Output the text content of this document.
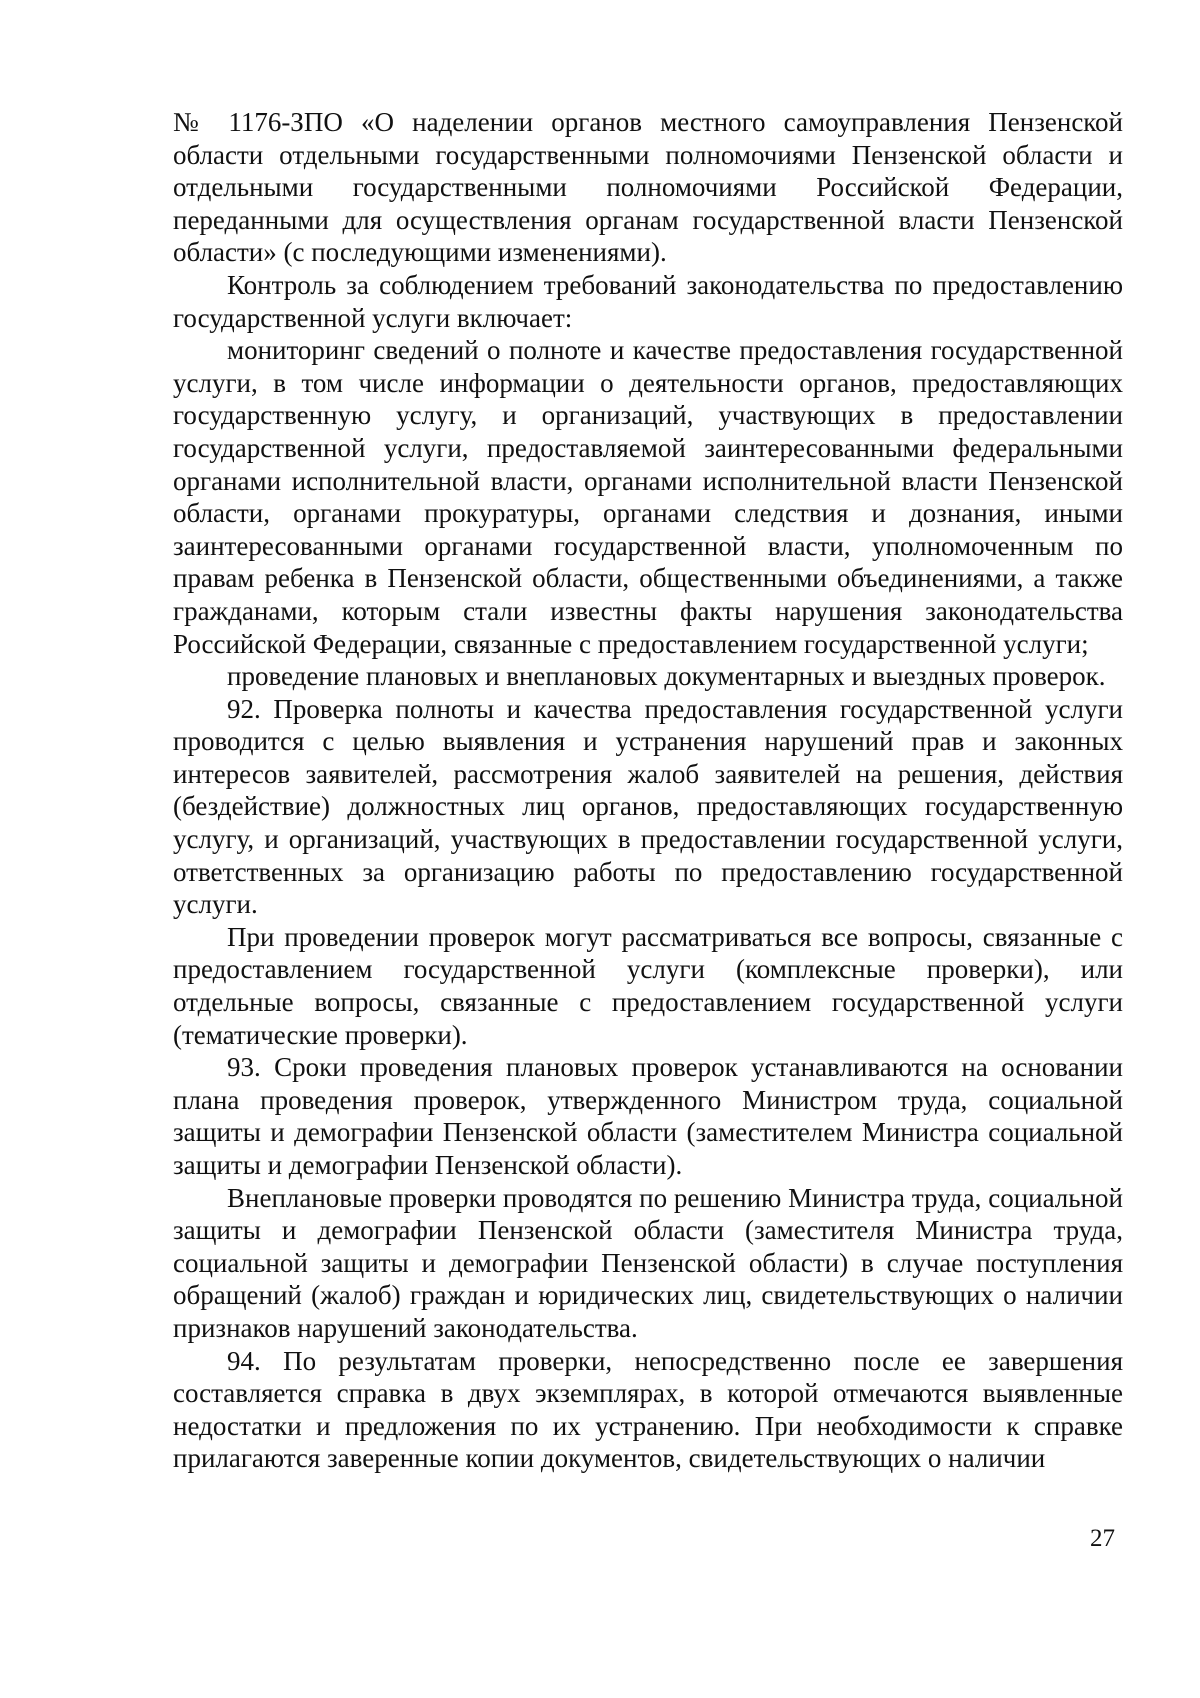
№ 1176-ЗПО «О наделении органов местного самоуправления Пензенской области отдельными государственными полномочиями Пензенской области и отдельными государственными полномочиями Российской Федерации, переданными для осуществления органам государственной власти Пензенской области» (с последующими изменениями).

Контроль за соблюдением требований законодательства по предоставлению государственной услуги включает:

мониторинг сведений о полноте и качестве предоставления государственной услуги, в том числе информации о деятельности органов, предоставляющих государственную услугу, и организаций, участвующих в предоставлении государственной услуги, предоставляемой заинтересованными федеральными органами исполнительной власти, органами исполнительной власти Пензенской области, органами прокуратуры, органами следствия и дознания, иными заинтересованными органами государственной власти, уполномоченным по правам ребенка в Пензенской области, общественными объединениями, а также гражданами, которым стали известны факты нарушения законодательства Российской Федерации, связанные с предоставлением государственной услуги;

проведение плановых и внеплановых документарных и выездных проверок.

92. Проверка полноты и качества предоставления государственной услуги проводится с целью выявления и устранения нарушений прав и законных интересов заявителей, рассмотрения жалоб заявителей на решения, действия (бездействие) должностных лиц органов, предоставляющих государственную услугу, и организаций, участвующих в предоставлении государственной услуги, ответственных за организацию работы по предоставлению государственной услуги.

При проведении проверок могут рассматриваться все вопросы, связанные с предоставлением государственной услуги (комплексные проверки), или отдельные вопросы, связанные с предоставлением государственной услуги (тематические проверки).

93. Сроки проведения плановых проверок устанавливаются на основании плана проведения проверок, утвержденного Министром труда, социальной защиты и демографии Пензенской области (заместителем Министра социальной защиты и демографии Пензенской области).

Внеплановые проверки проводятся по решению Министра труда, социальной защиты и демографии Пензенской области (заместителя Министра труда, социальной защиты и демографии Пензенской области) в случае поступления обращений (жалоб) граждан и юридических лиц, свидетельствующих о наличии признаков нарушений законодательства.

94. По результатам проверки, непосредственно после ее завершения составляется справка в двух экземплярах, в которой отмечаются выявленные недостатки и предложения по их устранению. При необходимости к справке прилагаются заверенные копии документов, свидетельствующих о наличии

27
